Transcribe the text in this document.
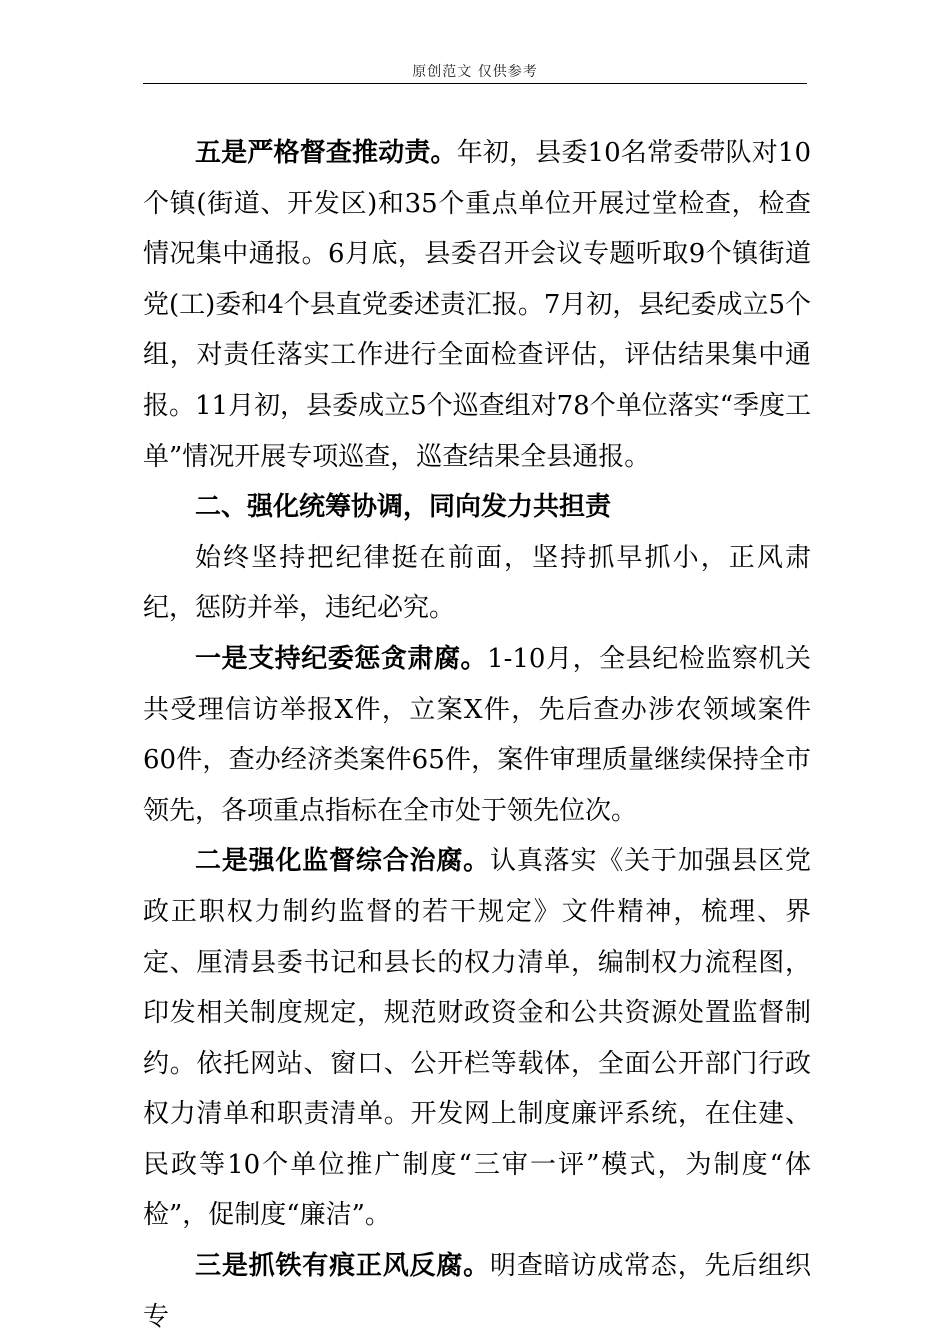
原创范文 仅供参考

五是严格督查推动责。年初，县委10名常委带队对10个镇(街道、开发区)和35个重点单位开展过堂检查，检查情况集中通报。6月底，县委召开会议专题听取9个镇街道党(工)委和4个县直党委述责汇报。7月初，县纪委成立5个组，对责任落实工作进行全面检查评估，评估结果集中通报。11月初，县委成立5个巡查组对78个单位落实“季度工单”情况开展专项巡查，巡查结果全县通报。

二、强化统筹协调，同向发力共担责

始终坚持把纪律挺在前面，坚持抓早抓小，正风肃纪，惩防并举，违纪必究。

一是支持纪委惩贪肃腐。1-10月，全县纪检监察机关共受理信访举报X件，立案X件，先后查办涉农领域案件60件，查办经济类案件65件，案件审理质量继续保持全市领先，各项重点指标在全市处于领先位次。

二是强化监督综合治腐。认真落实《关于加强县区党政正职权力制约监督的若干规定》文件精神，梳理、界定、厘清县委书记和县长的权力清单，编制权力流程图，印发相关制度规定，规范财政资金和公共资源处置监督制约。依托网站、窗口、公开栏等载体，全面公开部门行政权力清单和职责清单。开发网上制度廉评系统，在住建、民政等10个单位推广制度“三审一评”模式，为制度“体检”，促制度“廉洁”。

三是抓铁有痕正风反腐。明查暗访成常态，先后组织专
